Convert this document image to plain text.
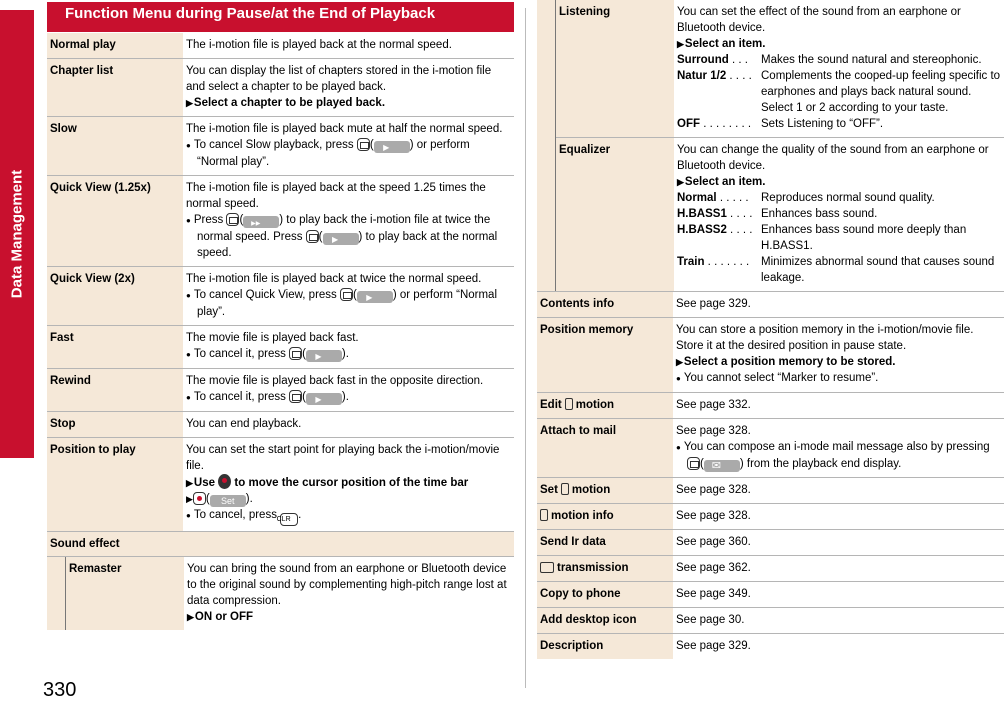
Data Management
330
Function Menu during Pause/at the End of Playback
Normal play	The i-motion file is played back at the normal speed.
Chapter list	You can display the list of chapters stored in the i-motion file and select a chapter to be played back.
▶ Select a chapter to be played back.
Slow	The i-motion file is played back mute at half the normal speed.
● To cancel Slow playback, press ( ▶	) or perform “Normal play”.
Quick View (1.25x)	The i-motion file is played back at the speed 1.25 times the normal speed.
● Press ( ▶▶	) to play back the i-motion file at twice the normal speed. Press ( ▶	) to play back at the normal speed.
Quick View (2x)	The i-motion file is played back at twice the normal speed.
● To cancel Quick View, press ( ▶	) or perform “Normal play”.
Fast	The movie file is played back fast.
● To cancel it, press ( ▶	).
Rewind	The movie file is played back fast in the opposite direction.
● To cancel it, press ( ▶	).
Stop	You can end playback.
Position to play	You can set the start point for playing back the i-motion/movie file.
▶ Use  to move the cursor position of the time bar
▶ ( Set ).
● To cancel, press CLR .
Sound effect
Remaster	You can bring the sound from an earphone or Bluetooth device to the original sound by complementing high-pitch range lost at data compression.
▶ ON or OFF
Listening	You can set the effect of the sound from an earphone or Bluetooth device.
▶ Select an item.
Surround . . .	Makes the sound natural and stereophonic.
Natur 1/2 . . . . Complements the cooped-up feeling specific to earphones and plays back natural sound. Select 1 or 2 according to your taste.
OFF . . . . . . . . Sets Listening to “OFF”.
Equalizer	You can change the quality of the sound from an earphone or Bluetooth device.
▶ Select an item.
Normal . . . . .	Reproduces normal sound quality.
H.BASS1 . . . . Enhances bass sound.
H.BASS2 . . . . Enhances bass sound more deeply than H.BASS1.
Train . . . . . . .	Minimizes abnormal sound that causes sound leakage.
Contents info	See page 329.
Position memory	You can store a position memory in the i-motion/movie file. Store it at the desired position in pause state.
▶ Select a position memory to be stored.
● You cannot select “Marker to resume”.
Edit motion	See page 332.
Attach to mail	See page 328.
● You can compose an i-mode mail message also by pressing ( ✉	) from the playback end display.
Set motion	See page 328.
motion info	See page 328.
Send Ir data	See page 360.
transmission	See page 362.
Copy to phone	See page 349.
Add desktop icon	See page 30.
Description	See page 329.
